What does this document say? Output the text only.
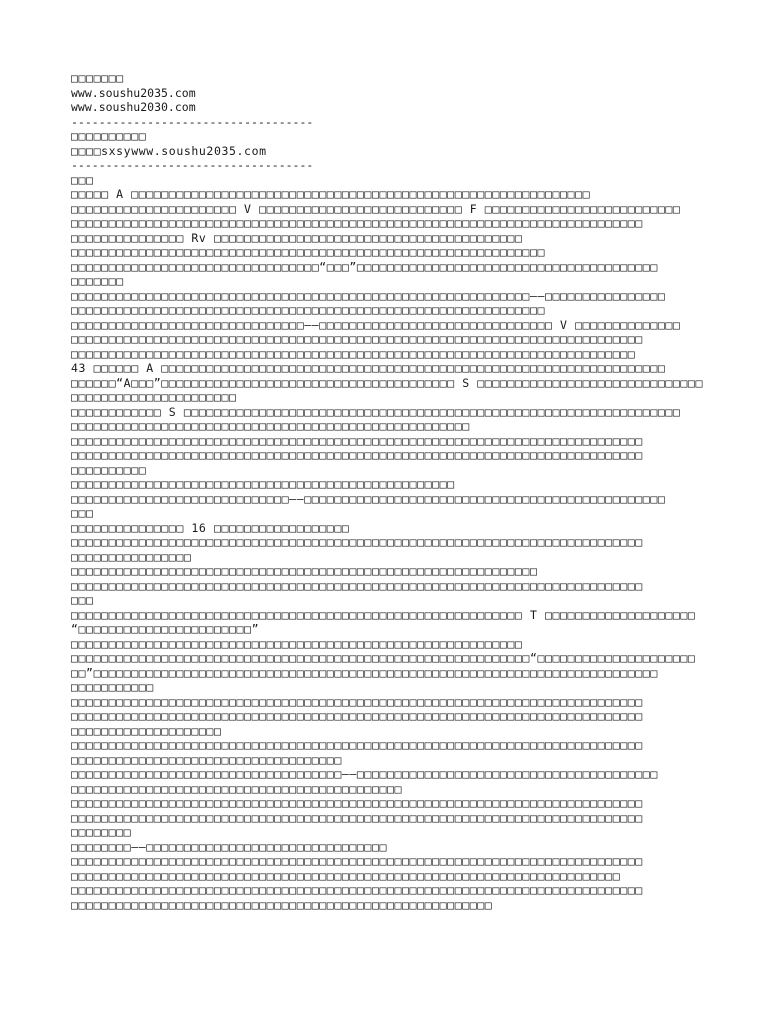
□□□□□□□
www.soushu2035.com
www.soushu2030.com
-----------------------------------
□□□□□□□□□□
□□□□sxsywww.soushu2035.com
-----------------------------------
□□□
□□□□□ A □□□□□□□□□□□□□□□□□□□□□□□□□□□□□□□□□□□□□□□□□□□□□□□□□□□□□□□□□□□□□
□□□□□□□□□□□□□□□□□□□□□□ V □□□□□□□□□□□□□□□□□□□□□□□□□□□ F □□□□□□□□□□□□□□□□□□□□□□□□□□
□□□□□□□□□□□□□□□□□□□□□□□□□□□□□□□□□□□□□□□□□□□□□□□□□□□□□□□□□□□□□□□□□□□□□□□□□□□□
□□□□□□□□□□□□□□□ Rv □□□□□□□□□□□□□□□□□□□□□□□□□□□□□□□□□□□□□□□□□
□□□□□□□□□□□□□□□□□□□□□□□□□□□□□□□□□□□□□□□□□□□□□□□□□□□□□□□□□□□□□□□
□□□□□□□□□□□□□□□□□□□□□□□□□□□□□□□□□“□□□”□□□□□□□□□□□□□□□□□□□□□□□□□□□□□□□□□□□□□□□□
□□□□□□□
□□□□□□□□□□□□□□□□□□□□□□□□□□□□□□□□□□□□□□□□□□□□□□□□□□□□□□□□□□□□□——□□□□□□□□□□□□□□□□
□□□□□□□□□□□□□□□□□□□□□□□□□□□□□□□□□□□□□□□□□□□□□□□□□□□□□□□□□□□□□□□
□□□□□□□□□□□□□□□□□□□□□□□□□□□□□□□——□□□□□□□□□□□□□□□□□□□□□□□□□□□□□□□ V □□□□□□□□□□□□□□
□□□□□□□□□□□□□□□□□□□□□□□□□□□□□□□□□□□□□□□□□□□□□□□□□□□□□□□□□□□□□□□□□□□□□□□□□□□□
□□□□□□□□□□□□□□□□□□□□□□□□□□□□□□□□□□□□□□□□□□□□□□□□□□□□□□□□□□□□□□□□□□□□□□□□□□□
43 □□□□□□ A □□□□□□□□□□□□□□□□□□□□□□□□□□□□□□□□□□□□□□□□□□□□□□□□□□□□□□□□□□□□□□□□□□□
□□□□□□“A□□□”□□□□□□□□□□□□□□□□□□□□□□□□□□□□□□□□□□□□□□□ S □□□□□□□□□□□□□□□□□□□□□□□□□□□□□□
□□□□□□□□□□□□□□□□□□□□□□
□□□□□□□□□□□□ S □□□□□□□□□□□□□□□□□□□□□□□□□□□□□□□□□□□□□□□□□□□□□□□□□□□□□□□□□□□□□□□□□□
□□□□□□□□□□□□□□□□□□□□□□□□□□□□□□□□□□□□□□□□□□□□□□□□□□□□□
□□□□□□□□□□□□□□□□□□□□□□□□□□□□□□□□□□□□□□□□□□□□□□□□□□□□□□□□□□□□□□□□□□□□□□□□□□□□
□□□□□□□□□□□□□□□□□□□□□□□□□□□□□□□□□□□□□□□□□□□□□□□□□□□□□□□□□□□□□□□□□□□□□□□□□□□□
□□□□□□□□□□
□□□□□□□□□□□□□□□□□□□□□□□□□□□□□□□□□□□□□□□□□□□□□□□□□□□
□□□□□□□□□□□□□□□□□□□□□□□□□□□□□——□□□□□□□□□□□□□□□□□□□□□□□□□□□□□□□□□□□□□□□□□□□□□□□□
□□□
□□□□□□□□□□□□□□□ 16 □□□□□□□□□□□□□□□□□□
□□□□□□□□□□□□□□□□□□□□□□□□□□□□□□□□□□□□□□□□□□□□□□□□□□□□□□□□□□□□□□□□□□□□□□□□□□□□
□□□□□□□□□□□□□□□□
□□□□□□□□□□□□□□□□□□□□□□□□□□□□□□□□□□□□□□□□□□□□□□□□□□□□□□□□□□□□□□
□□□□□□□□□□□□□□□□□□□□□□□□□□□□□□□□□□□□□□□□□□□□□□□□□□□□□□□□□□□□□□□□□□□□□□□□□□□□
□□□
□□□□□□□□□□□□□□□□□□□□□□□□□□□□□□□□□□□□□□□□□□□□□□□□□□□□□□□□□□□□ T □□□□□□□□□□□□□□□□□□□□
“□□□□□□□□□□□□□□□□□□□□□□□”
□□□□□□□□□□□□□□□□□□□□□□□□□□□□□□□□□□□□□□□□□□□□□□□□□□□□□□□□□□□□
□□□□□□□□□□□□□□□□□□□□□□□□□□□□□□□□□□□□□□□□□□□□□□□□□□□□□□□□□□□□□“□□□□□□□□□□□□□□□□□□□□□
□□”□□□□□□□□□□□□□□□□□□□□□□□□□□□□□□□□□□□□□□□□□□□□□□□□□□□□□□□□□□□□□□□□□□□□□□□□□□□
□□□□□□□□□□□
□□□□□□□□□□□□□□□□□□□□□□□□□□□□□□□□□□□□□□□□□□□□□□□□□□□□□□□□□□□□□□□□□□□□□□□□□□□□
□□□□□□□□□□□□□□□□□□□□□□□□□□□□□□□□□□□□□□□□□□□□□□□□□□□□□□□□□□□□□□□□□□□□□□□□□□□□
□□□□□□□□□□□□□□□□□□□□
□□□□□□□□□□□□□□□□□□□□□□□□□□□□□□□□□□□□□□□□□□□□□□□□□□□□□□□□□□□□□□□□□□□□□□□□□□□□
□□□□□□□□□□□□□□□□□□□□□□□□□□□□□□□□□□□□
□□□□□□□□□□□□□□□□□□□□□□□□□□□□□□□□□□□□——□□□□□□□□□□□□□□□□□□□□□□□□□□□□□□□□□□□□□□□□
□□□□□□□□□□□□□□□□□□□□□□□□□□□□□□□□□□□□□□□□□□□□
□□□□□□□□□□□□□□□□□□□□□□□□□□□□□□□□□□□□□□□□□□□□□□□□□□□□□□□□□□□□□□□□□□□□□□□□□□□□
□□□□□□□□□□□□□□□□□□□□□□□□□□□□□□□□□□□□□□□□□□□□□□□□□□□□□□□□□□□□□□□□□□□□□□□□□□□□
□□□□□□□□
□□□□□□□□——□□□□□□□□□□□□□□□□□□□□□□□□□□□□□□□□
□□□□□□□□□□□□□□□□□□□□□□□□□□□□□□□□□□□□□□□□□□□□□□□□□□□□□□□□□□□□□□□□□□□□□□□□□□□□
□□□□□□□□□□□□□□□□□□□□□□□□□□□□□□□□□□□□□□□□□□□□□□□□□□□□□□□□□□□□□□□□□□□□□□□□□
□□□□□□□□□□□□□□□□□□□□□□□□□□□□□□□□□□□□□□□□□□□□□□□□□□□□□□□□□□□□□□□□□□□□□□□□□□□□
□□□□□□□□□□□□□□□□□□□□□□□□□□□□□□□□□□□□□□□□□□□□□□□□□□□□□□□□
